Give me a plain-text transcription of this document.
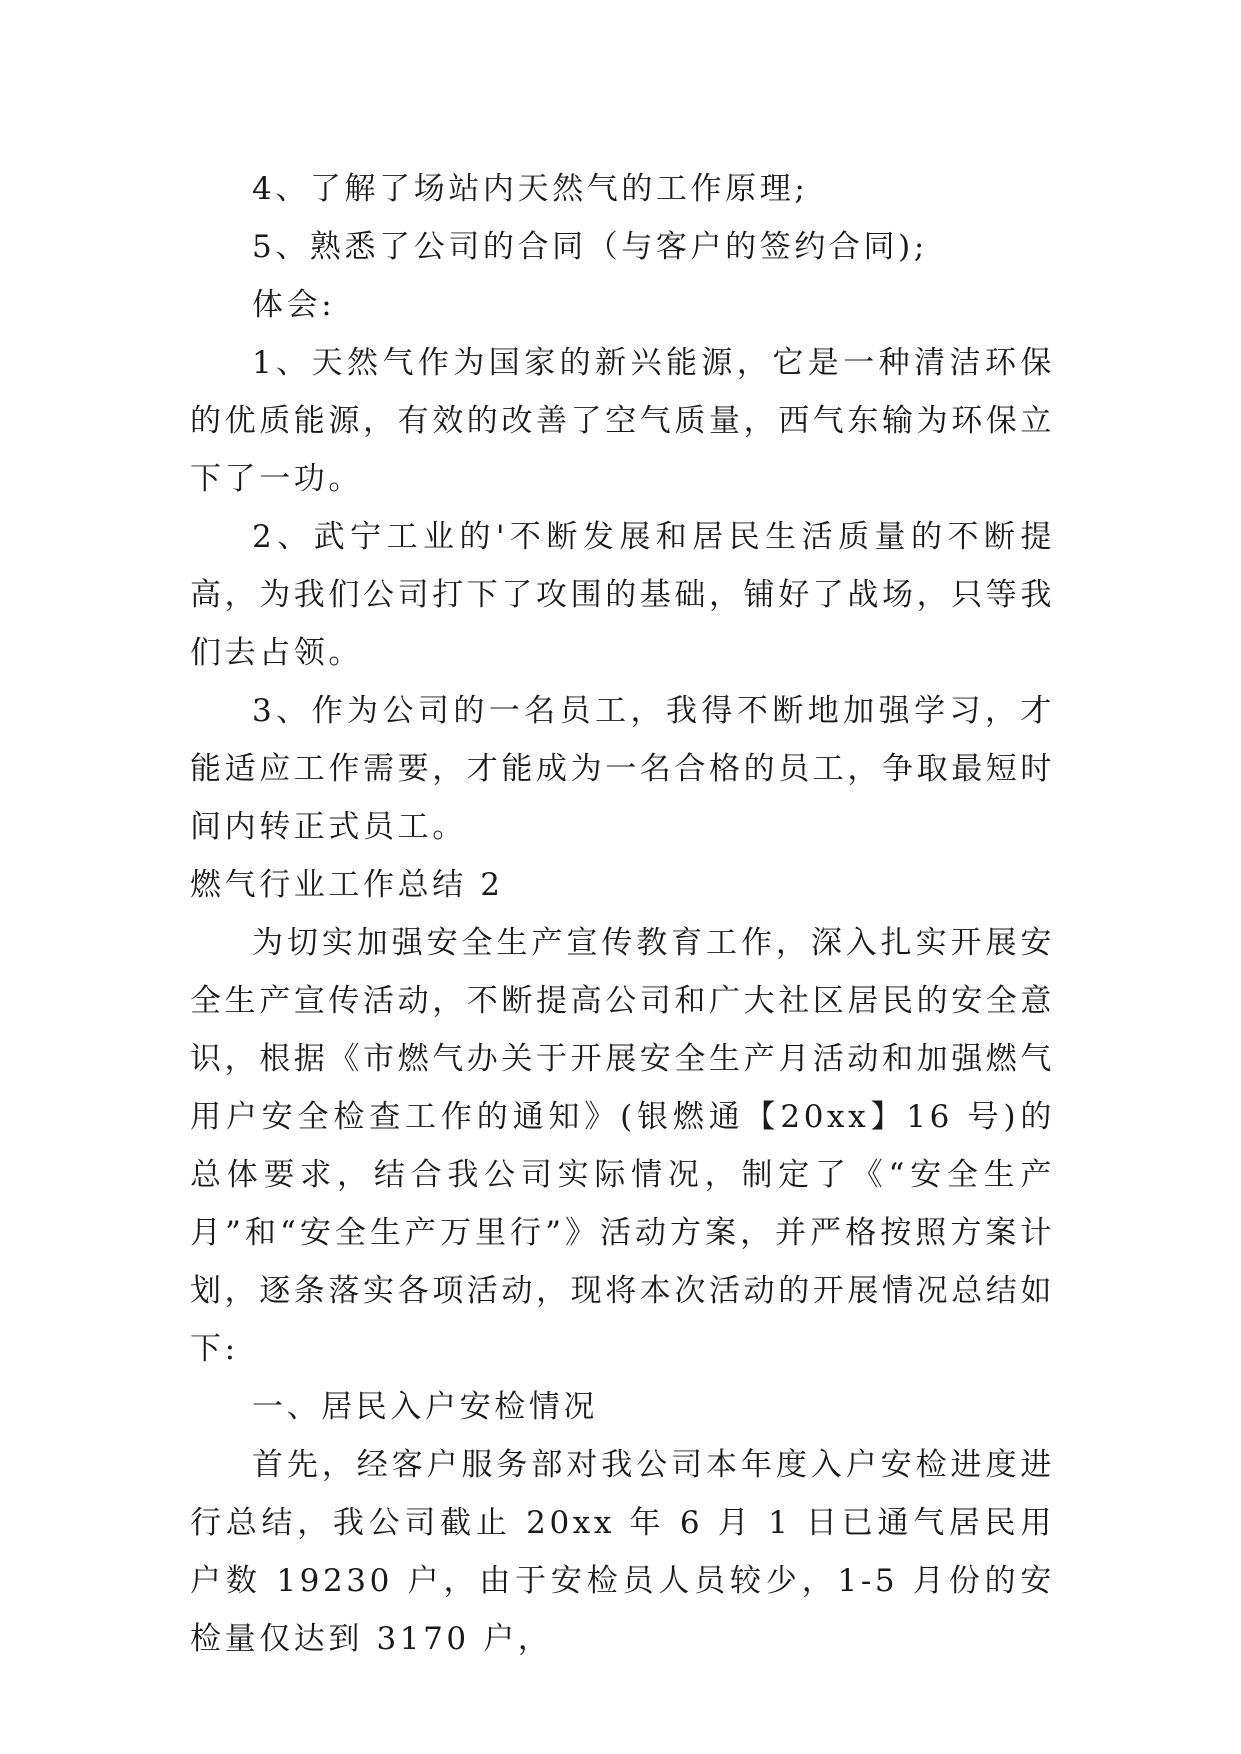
4、了解了场站内天然气的工作原理;

5、熟悉了公司的合同（与客户的签约合同);

体会:

1、天然气作为国家的新兴能源，它是一种清洁环保的优质能源，有效的改善了空气质量，西气东输为环保立下了一功。

2、武宁工业的'不断发展和居民生活质量的不断提高，为我们公司打下了攻围的基础，铺好了战场，只等我们去占领。

3、作为公司的一名员工，我得不断地加强学习，才能适应工作需要，才能成为一名合格的员工，争取最短时间内转正式员工。

燃气行业工作总结 2

为切实加强安全生产宣传教育工作，深入扎实开展安全生产宣传活动，不断提高公司和广大社区居民的安全意识，根据《市燃气办关于开展安全生产月活动和加强燃气用户安全检查工作的通知》(银燃通【20xx】16 号)的总体要求，结合我公司实际情况，制定了《“安全生产月”和“安全生产万里行”》活动方案，并严格按照方案计划，逐条落实各项活动，现将本次活动的开展情况总结如下:

一、居民入户安检情况

首先，经客户服务部对我公司本年度入户安检进度进行总结，我公司截止 20xx 年 6 月 1 日已通气居民用户数 19230 户，由于安检员人员较少，1-5 月份的安检量仅达到 3170 户，
